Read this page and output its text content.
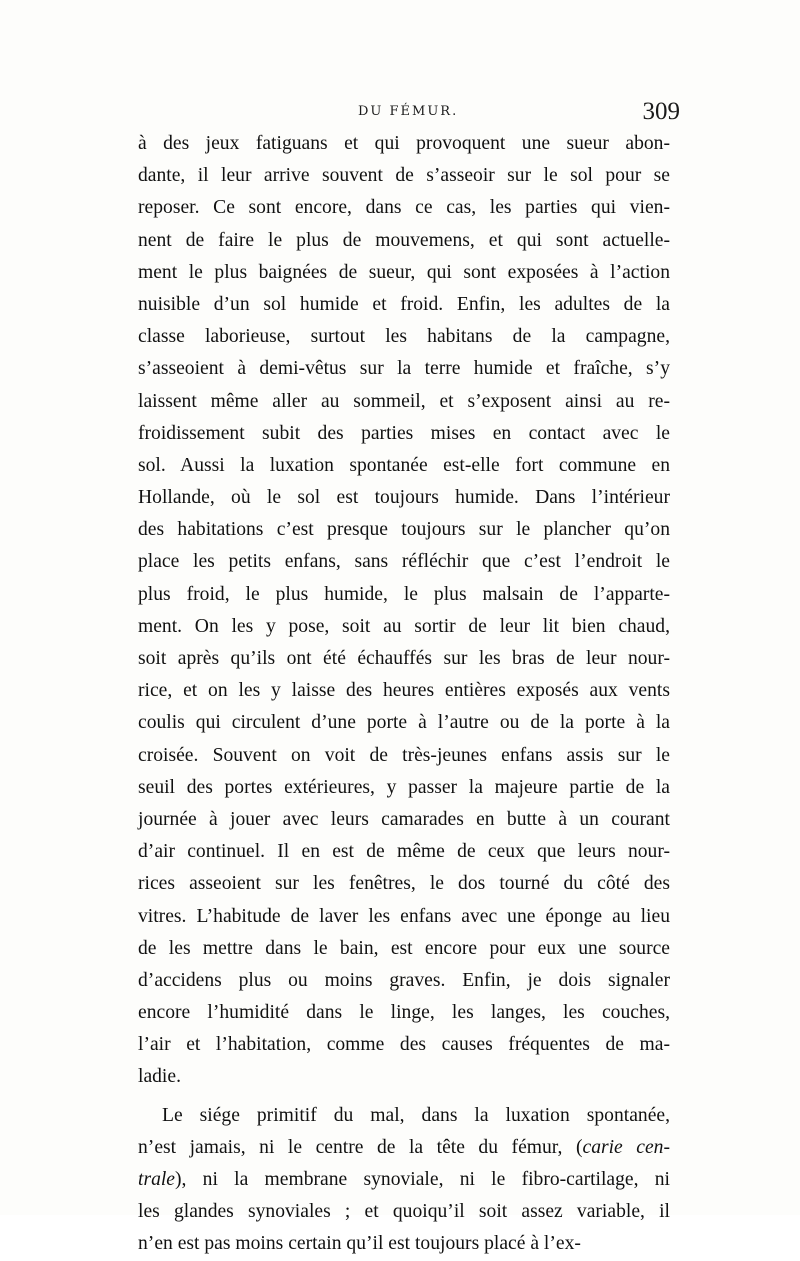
DU FÉMUR.	309
à des jeux fatiguans et qui provoquent une sueur abon-
dante, il leur arrive souvent de s’asseoir sur le sol pour se
reposer. Ce sont encore, dans ce cas, les parties qui vien-
nent de faire le plus de mouvemens, et qui sont actuelle-
ment le plus baignées de sueur, qui sont exposées à l’action
nuisible d’un sol humide et froid. Enfin, les adultes de la
classe laborieuse, surtout les habitans de la campagne,
s’asseoient à demi-vêtus sur la terre humide et fraîche, s’y
laissent même aller au sommeil, et s’exposent ainsi au re-
froidissement subit des parties mises en contact avec le
sol. Aussi la luxation spontanée est-elle fort commune en
Hollande, où le sol est toujours humide. Dans l’intérieur
des habitations c’est presque toujours sur le plancher qu’on
place les petits enfans, sans réfléchir que c’est l’endroit le
plus froid, le plus humide, le plus malsain de l’apparte-
ment. On les y pose, soit au sortir de leur lit bien chaud,
soit après qu’ils ont été échauffés sur les bras de leur nour-
rice, et on les y laisse des heures entières exposés aux vents
coulis qui circulent d’une porte à l’autre ou de la porte à la
croisée. Souvent on voit de très-jeunes enfans assis sur le
seuil des portes extérieures, y passer la majeure partie de la
journée à jouer avec leurs camarades en butte à un courant
d’air continuel. Il en est de même de ceux que leurs nour-
rices asseoient sur les fenêtres, le dos tourné du côté des
vitres. L’habitude de laver les enfans avec une éponge au lieu
de les mettre dans le bain, est encore pour eux une source
d’accidens plus ou moins graves. Enfin, je dois signaler
encore l’humidité dans le linge, les langes, les couches,
l’air et l’habitation, comme des causes fréquentes de ma-
ladie.
Le siége primitif du mal, dans la luxation spontanée,
n’est jamais, ni le centre de la tête du fémur, (carie cen-
trale), ni la membrane synoviale, ni le fibro-cartilage, ni
les glandes synoviales ; et quoiqu’il soit assez variable, il
n’en est pas moins certain qu’il est toujours placé à l’ex-
